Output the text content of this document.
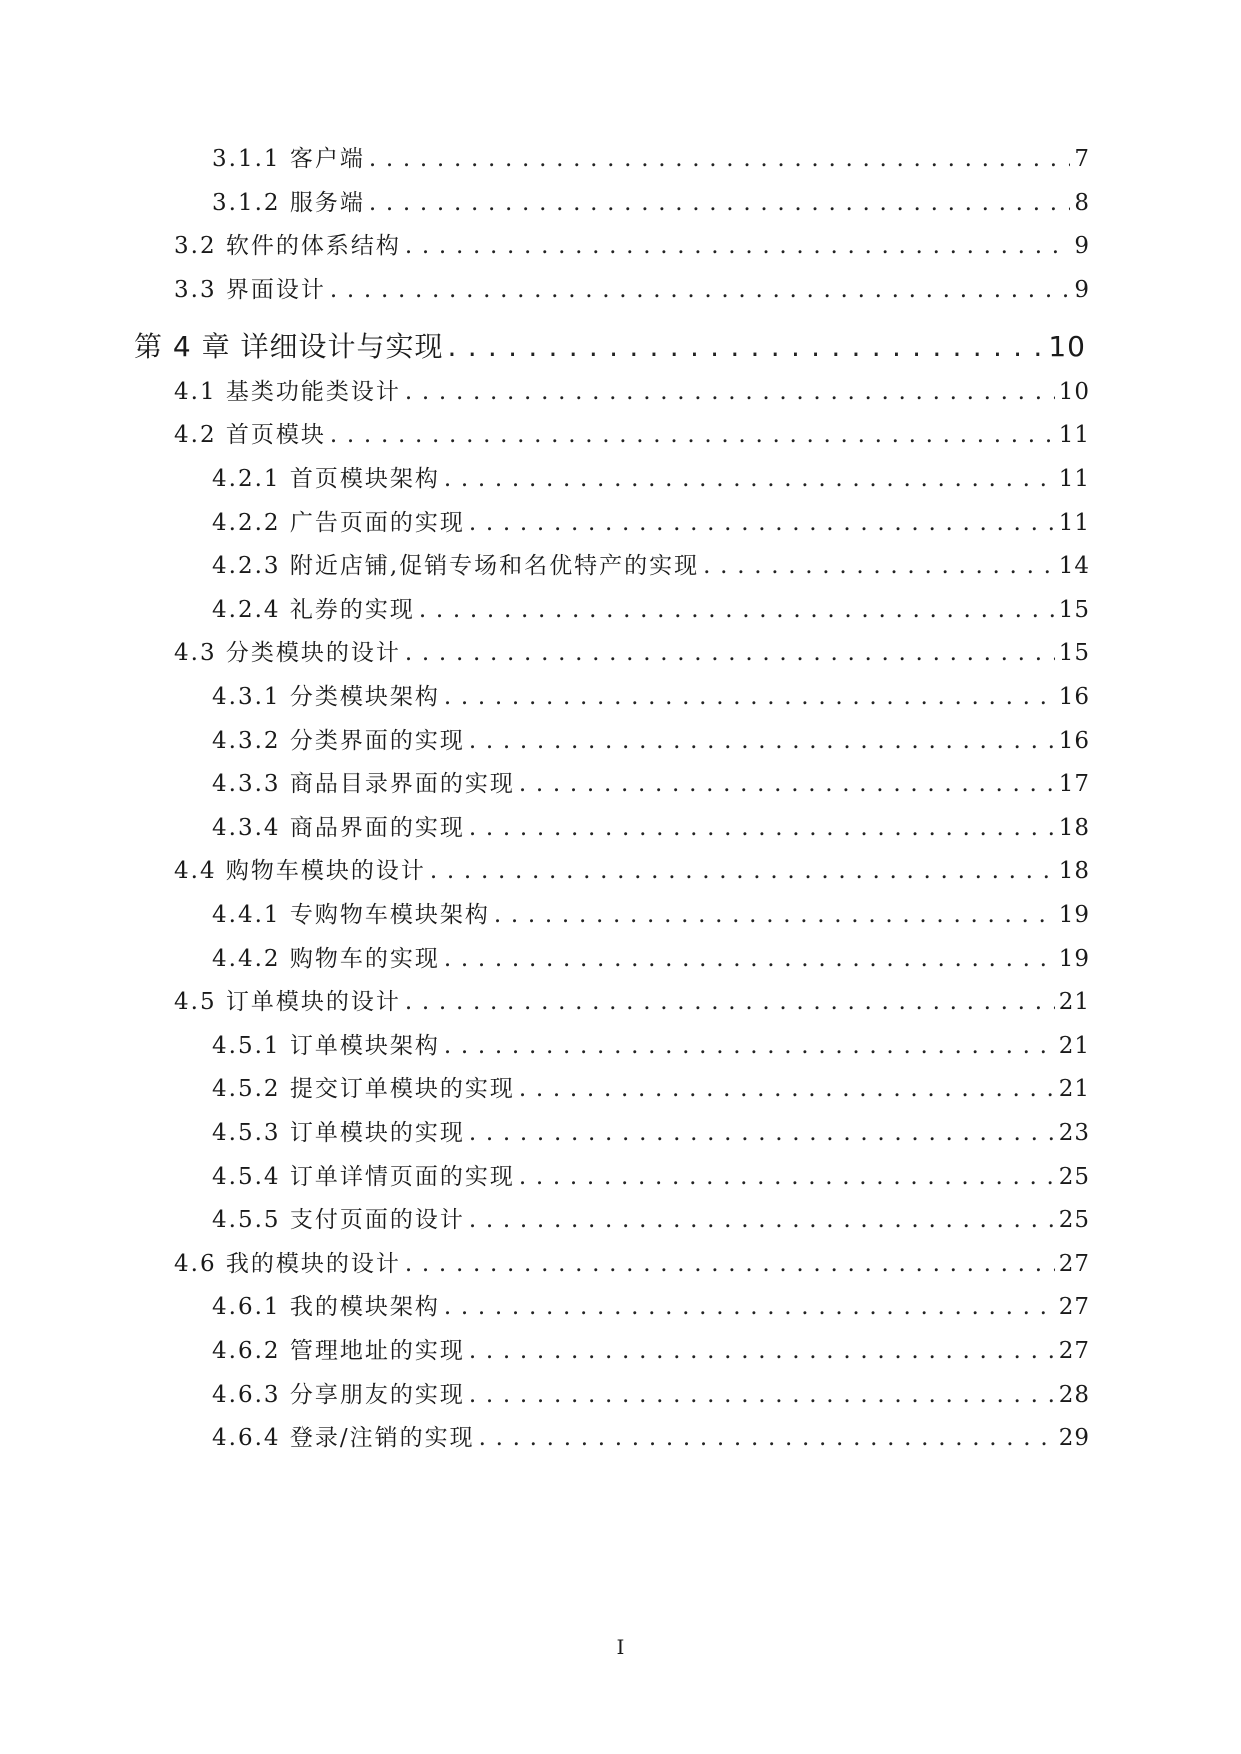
3.1.1 客户端 . . .	7
3.1.2 服务端 . . .	8
3.2 软件的体系结构 . . .	9
3.3 界面设计 . . .	9
第 4 章 详细设计与实现 . . .	10
4.1 基类功能类设计 . . .	10
4.2 首页模块 . . .	11
4.2.1 首页模块架构 . . .	11
4.2.2 广告页面的实现 . . .	11
4.2.3 附近店铺,促销专场和名优特产的实现 . . .	14
4.2.4 礼券的实现 . . .	15
4.3 分类模块的设计 . . .	15
4.3.1 分类模块架构 . . .	16
4.3.2 分类界面的实现 . . .	16
4.3.3 商品目录界面的实现 . . .	17
4.3.4 商品界面的实现 . . .	18
4.4 购物车模块的设计 . . .	18
4.4.1 专购物车模块架构 . . .	19
4.4.2 购物车的实现 . . .	19
4.5 订单模块的设计 . . .	21
4.5.1 订单模块架构 . . .	21
4.5.2 提交订单模块的实现 . . .	21
4.5.3 订单模块的实现 . . .	23
4.5.4 订单详情页面的实现 . . .	25
4.5.5 支付页面的设计 . . .	25
4.6 我的模块的设计 . . .	27
4.6.1 我的模块架构 . . .	27
4.6.2 管理地址的实现 . . .	27
4.6.3 分享朋友的实现 . . .	28
4.6.4 登录/注销的实现 . . .	29
I
